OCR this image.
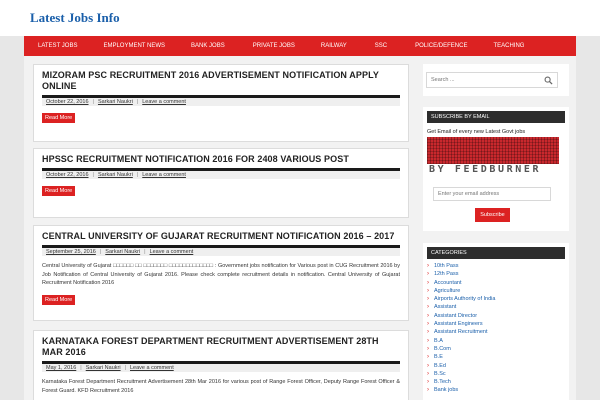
Latest Jobs Info
LATEST JOBS	EMPLOYMENT NEWS	BANK JOBS	PRIVATE JOBS	RAILWAY	SSC	POLICE/DEFENCE	TEACHING
MIZORAM PSC RECRUITMENT 2016 ADVERTISEMENT NOTIFICATION APPLY ONLINE
October 22, 2016 | Sarkari Naukri | Leave a comment
Read More
HPSSC RECRUITMENT NOTIFICATION 2016 FOR 2408 VARIOUS POST
October 22, 2016 | Sarkari Naukri | Leave a comment
Read More
CENTRAL UNIVERSITY OF GUJARAT RECRUITMENT NOTIFICATION 2016 – 2017
September 25, 2016 | Sarkari Naukri | Leave a comment
Central University of Gujarat □□□□□□ □□ □□□□□□□ □□□□□□□□□□□□□ : Government jobs notification for Various post in CUG Recruitment 2016 by Job Notification of Central University of Gujarat 2016. Please check complete recruitment details in notification. Central University of Gujarat Recruitment Notification 2016
Read More
KARNATAKA FOREST DEPARTMENT RECRUITMENT ADVERTISEMENT 28TH MAR 2016
May 1, 2016 | Sarkari Naukri | Leave a comment
Karnataka Forest Department Recruitment Advertisement 28th Mar 2016 for various post of Range Forest Officer, Deputy Range Forest Officer & Forest Guard. KFD Recruitment 2016
Search ...
SUBSCRIBE BY EMAIL
Get Email of every new Latest Govt jobs
BY FEEDBURNER
Enter your email address
Subscribe
CATEGORIES
› 10th Pass
› 12th Pass
› Accountant
› Agriculture
› Airports Authority of India
› Assistant
› Assistant Director
› Assistant Engineers
› Assistant Recruitment
› B.A
› B.Com
› B.E
› B.Ed
› B.Sc
› B.Tech
› Bank jobs
